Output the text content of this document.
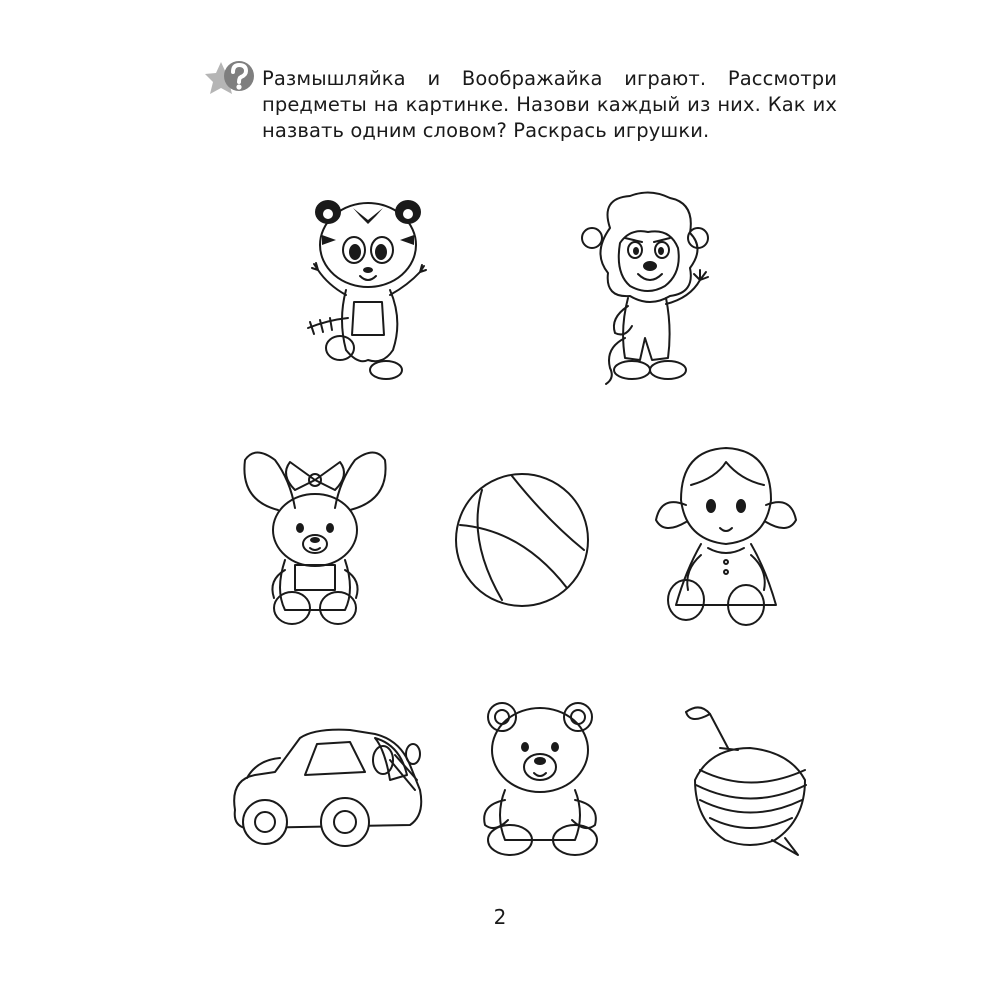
Размышляйка и Воображайка играют. Рассмотри предметы на картинке. Назови каждый из них. Как их назвать одним словом? Раскрась игрушки.

2
